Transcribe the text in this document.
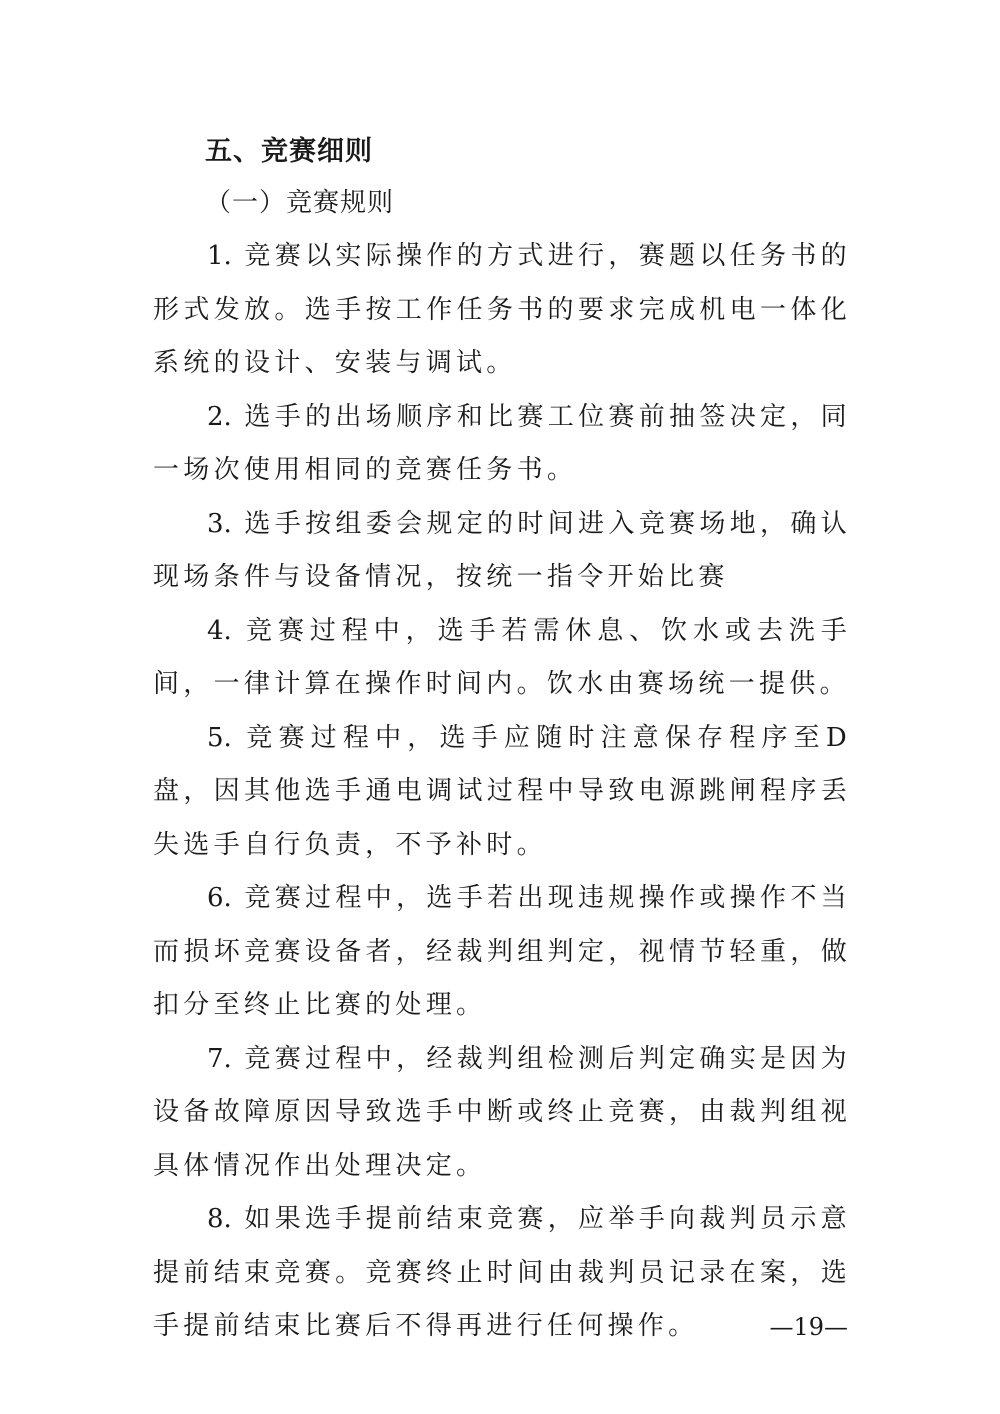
五、竞赛细则
（一）竞赛规则

1. 竞赛以实际操作的方式进行，赛题以任务书的形式发放。选手按工作任务书的要求完成机电一体化系统的设计、安装与调试。

2. 选手的出场顺序和比赛工位赛前抽签决定，同一场次使用相同的竞赛任务书。

3. 选手按组委会规定的时间进入竞赛场地，确认现场条件与设备情况，按统一指令开始比赛

4. 竞赛过程中，选手若需休息、饮水或去洗手间，一律计算在操作时间内。饮水由赛场统一提供。

5. 竞赛过程中，选手应随时注意保存程序至D盘，因其他选手通电调试过程中导致电源跳闸程序丢失选手自行负责，不予补时。

6. 竞赛过程中，选手若出现违规操作或操作不当而损坏竞赛设备者，经裁判组判定，视情节轻重，做扣分至终止比赛的处理。

7. 竞赛过程中，经裁判组检测后判定确实是因为设备故障原因导致选手中断或终止竞赛，由裁判组视具体情况作出处理决定。

8. 如果选手提前结束竞赛，应举手向裁判员示意提前结束竞赛。竞赛终止时间由裁判员记录在案，选手提前结束比赛后不得再进行任何操作。	—19—
